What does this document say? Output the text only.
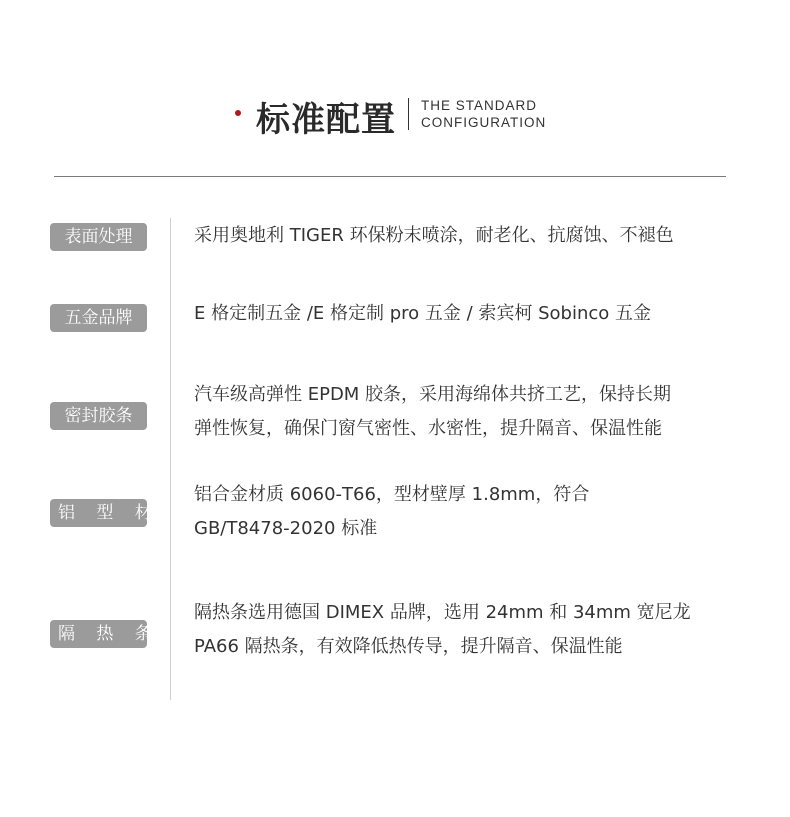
标准配置 THE STANDARD
CONFIGURATION
表面处理	采用奥地利 TIGER 环保粉末喷涂，耐老化、抗腐蚀、不褪色
五金品牌	E 格定制五金 /E 格定制 pro 五金 / 索宾柯 Sobinco 五金
密封胶条
汽车级高弹性 EPDM 胶条，采用海绵体共挤工艺，保持长期
弹性恢复，确保门窗气密性、水密性，提升隔音、保温性能
铝 型 材
铝合金材质 6060-T66，型材壁厚 1.8mm，符合
GB/T8478-2020 标准
隔 热 条
隔热条选用德国 DIMEX 品牌，选用 24mm 和 34mm 宽尼龙
PA66 隔热条，有效降低热传导，提升隔音、保温性能
